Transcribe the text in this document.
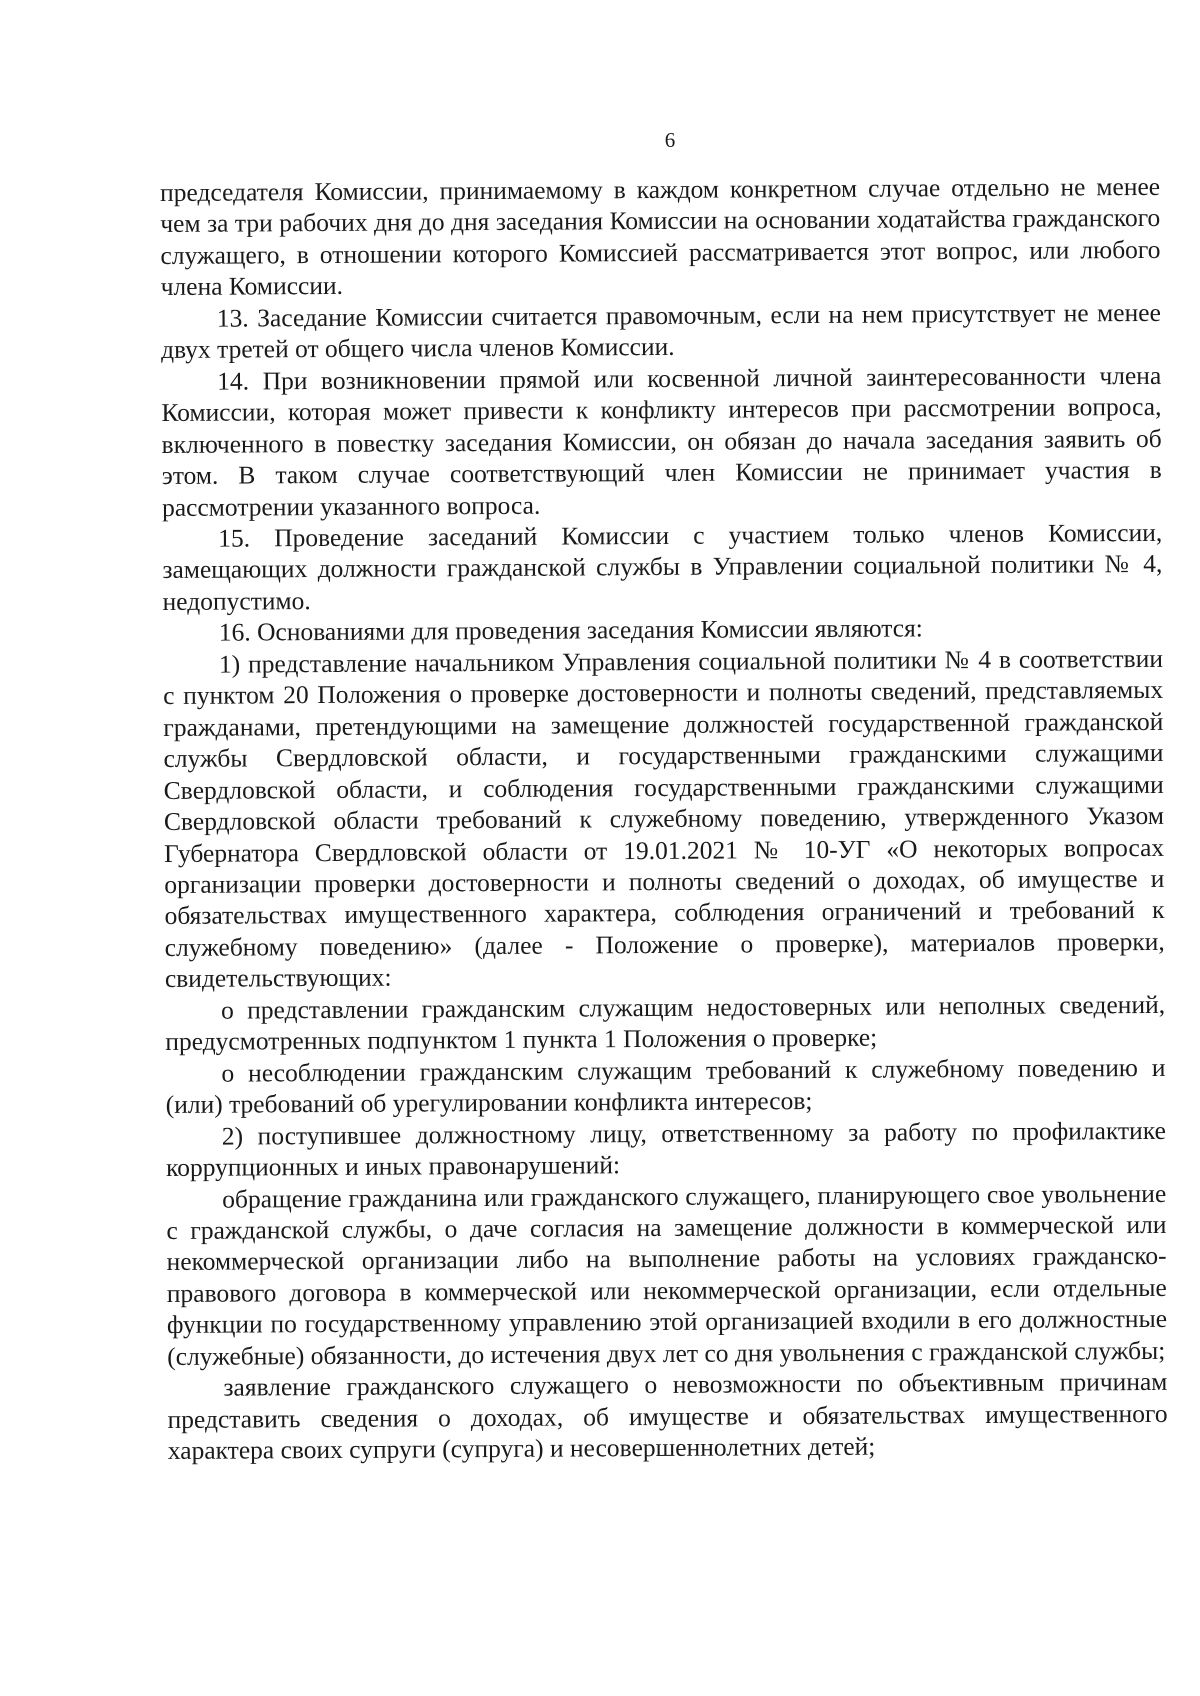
6

председателя Комиссии, принимаемому в каждом конкретном случае отдельно не менее чем за три рабочих дня до дня заседания Комиссии на основании ходатайства гражданского служащего, в отношении которого Комиссией рассматривается этот вопрос, или любого члена Комиссии.

13. Заседание Комиссии считается правомочным, если на нем присутствует не менее двух третей от общего числа членов Комиссии.

14. При возникновении прямой или косвенной личной заинтересованности члена Комиссии, которая может привести к конфликту интересов при рассмотрении вопроса, включенного в повестку заседания Комиссии, он обязан до начала заседания заявить об этом. В таком случае соответствующий член Комиссии не принимает участия в рассмотрении указанного вопроса.

15. Проведение заседаний Комиссии с участием только членов Комиссии, замещающих должности гражданской службы в Управлении социальной политики № 4, недопустимо.

16. Основаниями для проведения заседания Комиссии являются:

1) представление начальником Управления социальной политики № 4 в соответствии с пунктом 20 Положения о проверке достоверности и полноты сведений, представляемых гражданами, претендующими на замещение должностей государственной гражданской службы Свердловской области, и государственными гражданскими служащими Свердловской области, и соблюдения государственными гражданскими служащими Свердловской области требований к служебному поведению, утвержденного Указом Губернатора Свердловской области от 19.01.2021 № 10-УГ «О некоторых вопросах организации проверки достоверности и полноты сведений о доходах, об имуществе и обязательствах имущественного характера, соблюдения ограничений и требований к служебному поведению» (далее - Положение о проверке), материалов проверки, свидетельствующих:

о представлении гражданским служащим недостоверных или неполных сведений, предусмотренных подпунктом 1 пункта 1 Положения о проверке;

о несоблюдении гражданским служащим требований к служебному поведению и (или) требований об урегулировании конфликта интересов;

2) поступившее должностному лицу, ответственному за работу по профилактике коррупционных и иных правонарушений:

обращение гражданина или гражданского служащего, планирующего свое увольнение с гражданской службы, о даче согласия на замещение должности в коммерческой или некоммерческой организации либо на выполнение работы на условиях гражданско-правового договора в коммерческой или некоммерческой организации, если отдельные функции по государственному управлению этой организацией входили в его должностные (служебные) обязанности, до истечения двух лет со дня увольнения с гражданской службы;

заявление гражданского служащего о невозможности по объективным причинам представить сведения о доходах, об имуществе и обязательствах имущественного характера своих супруги (супруга) и несовершеннолетних детей;
